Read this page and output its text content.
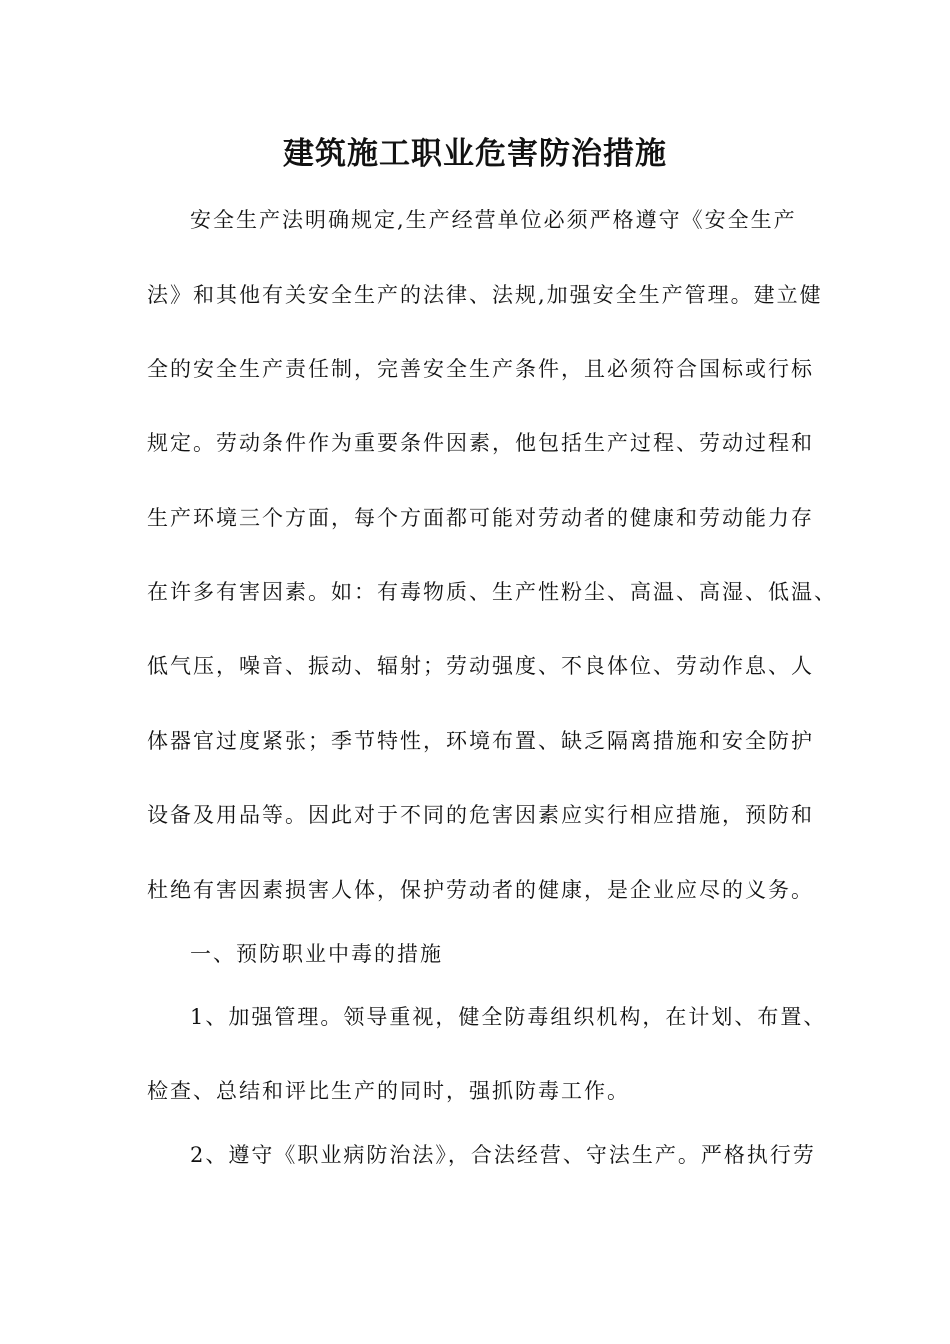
建筑施工职业危害防治措施
安全生产法明确规定,生产经营单位必须严格遵守《安全生产
法》和其他有关安全生产的法律、法规,加强安全生产管理。建立健
全的安全生产责任制，完善安全生产条件，且必须符合国标或行标
规定。劳动条件作为重要条件因素，他包括生产过程、劳动过程和
生产环境三个方面，每个方面都可能对劳动者的健康和劳动能力存
在许多有害因素。如：有毒物质、生产性粉尘、高温、高湿、低温、
低气压，噪音、振动、辐射；劳动强度、不良体位、劳动作息、人
体器官过度紧张；季节特性，环境布置、缺乏隔离措施和安全防护
设备及用品等。因此对于不同的危害因素应实行相应措施，预防和
杜绝有害因素损害人体，保护劳动者的健康，是企业应尽的义务。
一、预防职业中毒的措施
1、加强管理。领导重视，健全防毒组织机构，在计划、布置、
检查、总结和评比生产的同时，强抓防毒工作。
2、遵守《职业病防治法》，合法经营、守法生产。严格执行劳
